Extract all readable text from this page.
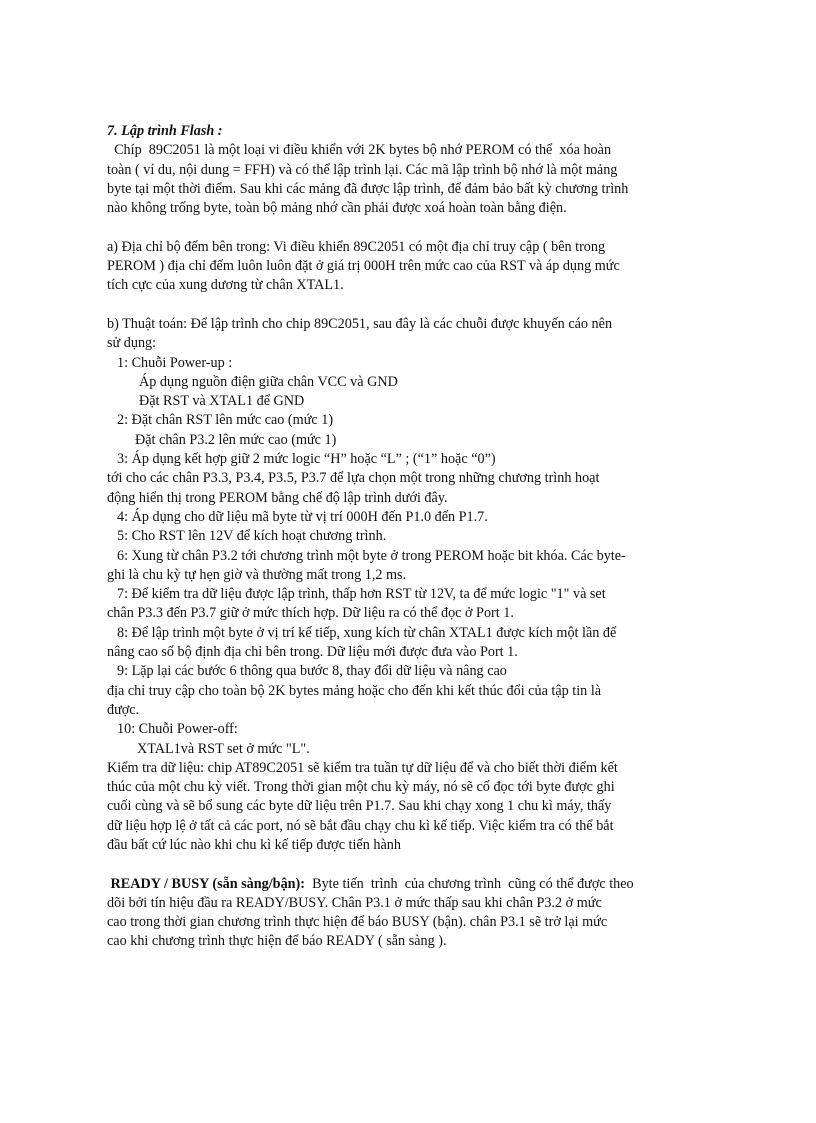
7. Lập trình Flash :
Chíp  89C2051 là một loại vi điều khiển với 2K bytes bộ nhớ PEROM có thể  xóa hoàn
toàn ( ví du, nội dung = FFH) và có thể lập trình lại. Các mã lập trình bộ nhớ là một mảng
byte tại một thời điểm. Sau khi các mảng đã được lập trình, để đảm bảo bất kỳ chương trình
nào không trống byte, toàn bộ mảng nhớ cần phải được xoá hoàn toàn bằng điện.
a) Địa chỉ bộ đếm bên trong: Vi điều khiển 89C2051 có một địa chỉ truy cập ( bên trong
PEROM ) địa chỉ đếm luôn luôn đặt ở giá trị 000H trên mức cao của RST và áp dụng mức
tích cực của xung dương từ chân XTAL1.
b) Thuật toán: Để lập trình cho chip 89C2051, sau đây là các chuỗi được khuyến cáo nên
sử dụng:
1: Chuỗi Power-up :
Áp dụng nguồn điện giữa chân VCC và GND
Đặt RST và XTAL1 để GND
2: Đặt chân RST lên mức cao (mức 1)
Đặt chân P3.2 lên mức cao (mức 1)
3: Áp dụng kết hợp giữ 2 mức logic “H” hoặc “L” ; (“1” hoặc “0”)
tới cho các chân P3.3, P3.4, P3.5, P3.7 để lựa chọn một trong những chương trình hoạt
động hiển thị trong PEROM bằng chế độ lập trình dưới đây.
4: Áp dụng cho dữ liệu mã byte từ vị trí 000H đến P1.0 đến P1.7.
5: Cho RST lên 12V để kích hoạt chương trình.
6: Xung từ chân P3.2 tới chương trình một byte ở trong PEROM hoặc bit khóa. Các byte-
ghi là chu kỳ tự hẹn giờ và thường mất trong 1,2 ms.
7: Để kiểm tra dữ liệu được lập trình, thấp hơn RST từ 12V, ta để mức logic "1" và set
chân P3.3 đến P3.7 giữ ở mức thích hợp. Dữ liệu ra có thể đọc ở Port 1.
8: Để lập trình một byte ở vị trí kế tiếp, xung kích từ chân XTAL1 được kích một lần để
nâng cao số bộ định địa chỉ bên trong. Dữ liệu mới được đưa vào Port 1.
9: Lặp lại các bước 6 thông qua bước 8, thay đổi dữ liệu và nâng cao
địa chỉ truy cập cho toàn bộ 2K bytes mảng hoặc cho đến khi kết thúc đổi của tập tin là
được.
10: Chuỗi Power-off:
XTAL1và RST set ở mức "L".
Kiểm tra dữ liệu: chip AT89C2051 sẽ kiểm tra tuần tự dữ liệu để và cho biết thời điểm kết
thúc của một chu kỳ viết. Trong thời gian một chu kỳ máy, nó sẽ cố đọc tới byte được ghi
cuối cùng và sẽ bổ sung các byte dữ liệu trên P1.7. Sau khi chạy xong 1 chu kì máy, thấy
dữ liệu hợp lệ ở tất cả các port, nó sẽ bắt đầu chạy chu kì kế tiếp. Việc kiểm tra có thể bắt
đầu bất cứ lúc nào khi chu kì kế tiếp được tiến hành
READY / BUSY (sẵn sàng/bận):  Byte tiến  trình  của chương trình  cũng có thể được theo
dõi bởi tín hiệu đầu ra READY/BUSY. Chân P3.1 ở mức thấp sau khi chân P3.2 ở mức
cao trong thời gian chương trình thực hiện để báo BUSY (bận). chân P3.1 sẽ trở lại mức
cao khi chương trình thực hiện để báo READY ( sẵn sàng ).
